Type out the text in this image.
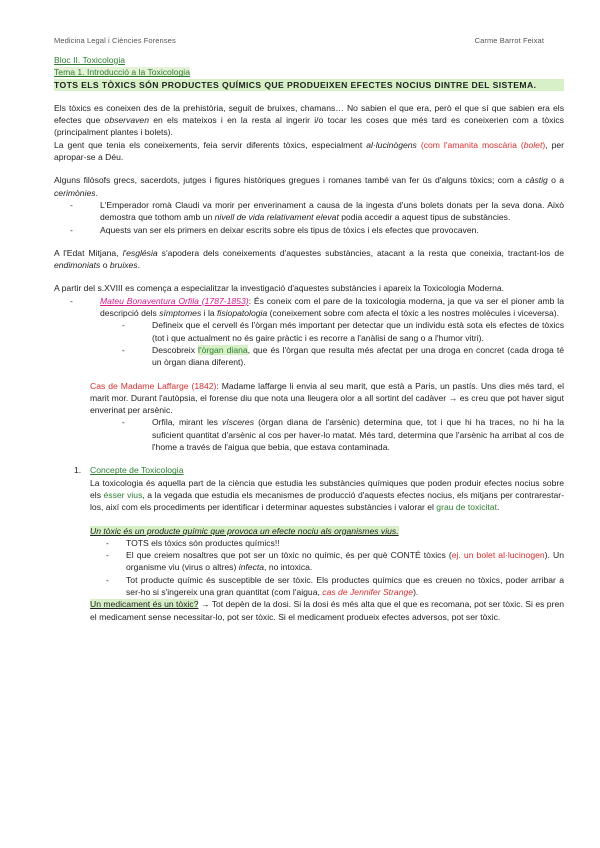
Medicina Legal i Ciències Forenses	Carme Barrot Feixat

Bloc II. Toxicologia

Tema 1. Introducció a la Toxicologia

TOTS ELS TÒXICS SÓN PRODUCTES QUÍMICS QUE PRODUEIXEN EFECTES NOCIUS DINTRE DEL SISTEMA.

Els tòxics es coneixen des de la prehistòria, seguit de bruixes, chamans… No sabien el que era, però el que sí que sabien era els efectes que observaven en els mateixos i en la resta al ingerir i/o tocar les coses que més tard es coneixerien com a tòxics (principalment plantes i bolets).
La gent que tenia els coneixements, feia servir diferents tòxics, especialment al·lucinògens (com l'amanita moscària (bolet), per apropar-se a Déu.

Alguns filòsofs grecs, sacerdots, jutges i figures històriques gregues i romanes també van fer ús d'alguns tòxics; com a càstig o a cerimònies.

- L'Emperador romà Claudi va morir per enverinament a causa de la ingesta d'uns bolets donats per la seva dona. Això demostra que tothom amb un nivell de vida relativament elevat podia accedir a aquest tipus de substàncies.
- Aquests van ser els primers en deixar escrits sobre els tipus de tòxics i els efectes que provocaven.

A l'Edat Mitjana, l'església s'apodera dels coneixements d'aquestes substàncies, atacant a la resta que coneixia, tractant-los de endimoniats o bruixes.

A partir del s.XVIII es comença a especialitzar la investigació d'aquestes substàncies i apareix la Toxicologia Moderna.

- Mateu Bonaventura Orfila (1787-1853): És coneix com el pare de la toxicologia moderna, ja que va ser el pioner amb la descripció dels símptomes i la fisiopatologia (coneixement sobre com afecta el tòxic a les nostres molècules i viceversa).
- Defineix que el cervell és l'òrgan més important per detectar que un individu està sota els efectes de tòxics (tot i que actualment no és gaire pràctic i es recorre a l'anàlisi de sang o a l'humor vitri).
- Descobreix l'òrgan diana, que és l'òrgan que resulta més afectat per una droga en concret (cada droga té un òrgan diana diferent).

Cas de Madame Laffarge (1842): Madame laffarge li envia al seu marit, que està a Paris, un pastís. Uns dies més tard, el marit mor. Durant l'autòpsia, el forense diu que nota una lleugera olor a all sortint del cadàver → es creu que pot haver sigut enverinat per arsènic.

- Orfila, mirant les vísceres (òrgan diana de l'arsènic) determina que, tot i que hi ha traces, no hi ha la suficient quantitat d'arsènic al cos per haver-lo matat. Més tard, determina que l'arsènic ha arribat al cos de l'home a través de l'aigua que bebia, que estava contaminada.

1. Concepte de Toxicologia

La toxicologia és aquella part de la ciència que estudia les substàncies químiques que poden produir efectes nocius sobre els ésser vius, a la vegada que estudia els mecanismes de producció d'aquests efectes nocius, els mitjans per contrarestar-los, així com els procediments per identificar i determinar aquestes substàncies i valorar el grau de toxicitat.

Un tòxic és un producte químic que provoca un efecte nociu als organismes vius.

- TOTS els tòxics són productes químics!!
- El que creiem nosaltres que pot ser un tòxic no químic, és per què CONTÉ tòxics (ej. un bolet al·lucinogen). Un organisme viu (virus o altres) infecta, no intoxica.
- Tot producte químic és susceptible de ser tòxic. Els productes químics que es creuen no tòxics, poder arribar a ser-ho si s'ingereix una gran quantitat (com l'aigua, cas de Jennifer Strange).

Un medicament és un tòxic? → Tot depèn de la dosi. Si la dosi és més alta que el que es recomana, pot ser tòxic. Si es pren el medicament sense necessitar-lo, pot ser tòxic. Si el medicament produeix efectes adversos, pot ser tòxic.
